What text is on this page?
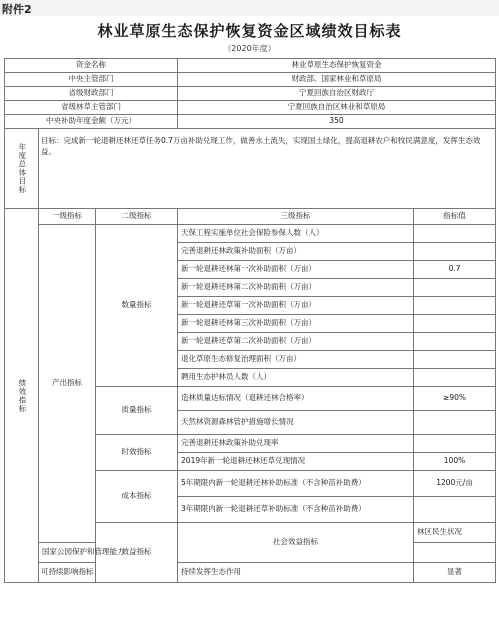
附件2
林业草原生态保护恢复资金区域绩效目标表
（2020年度）
资金名称			林业草原生态保护恢复资金		
中央主管部门			财政部、国家林业和草原局		
省级财政部门			宁夏回族自治区财政厅		
省级林草主管部门			宁夏回族自治区林业和草原局		
中央补助年度金额（万元）			350		

年度总体目标	目标：完成新一轮退耕还林还草任务0.7万亩补助兑现工作，做善水土流失，实现国土绿化，提高退耕农户和牧民满意度，发挥生态效益。				

绩效指标	一级指标	二级指标	三级指标	指标值	
	产出指标	数量指标	天保工程实施单位社会保险参保人数（人）		
			完善退耕还林政策补助面积（万亩）		
			新一轮退耕还林第一次补助面积（万亩）	0.7	
			新一轮退耕还林第二次补助面积（万亩）		
			新一轮退耕还草第一次补助面积（万亩）		
			新一轮退耕还林第三次补助面积（万亩）		
			新一轮退耕还草第二次补助面积（万亩）		
			退化草原生态修复治理面积（万亩）		
			聘用生态护林员人数（人）		
		质量指标	造林质量达标情况（退耕还林合格率）	≥90%	
			天然林资源森林管护措施增长情况		
		时效指标	完善退耕还林政策补助兑现率		
			2019年新一轮退耕还林还草兑现情况	100%	
		成本指标	5年期限内新一轮退耕还林补助标准（不含种苗补助费）	1200元/亩	
			3年期限内新一轮退耕还草补助标准（不含种苗补助费）		
		效益指标	社会效益指标	林区民生状况	
	国家公园保护和管理能力				
	可持续影响指标		持续发挥生态作用	显著	
